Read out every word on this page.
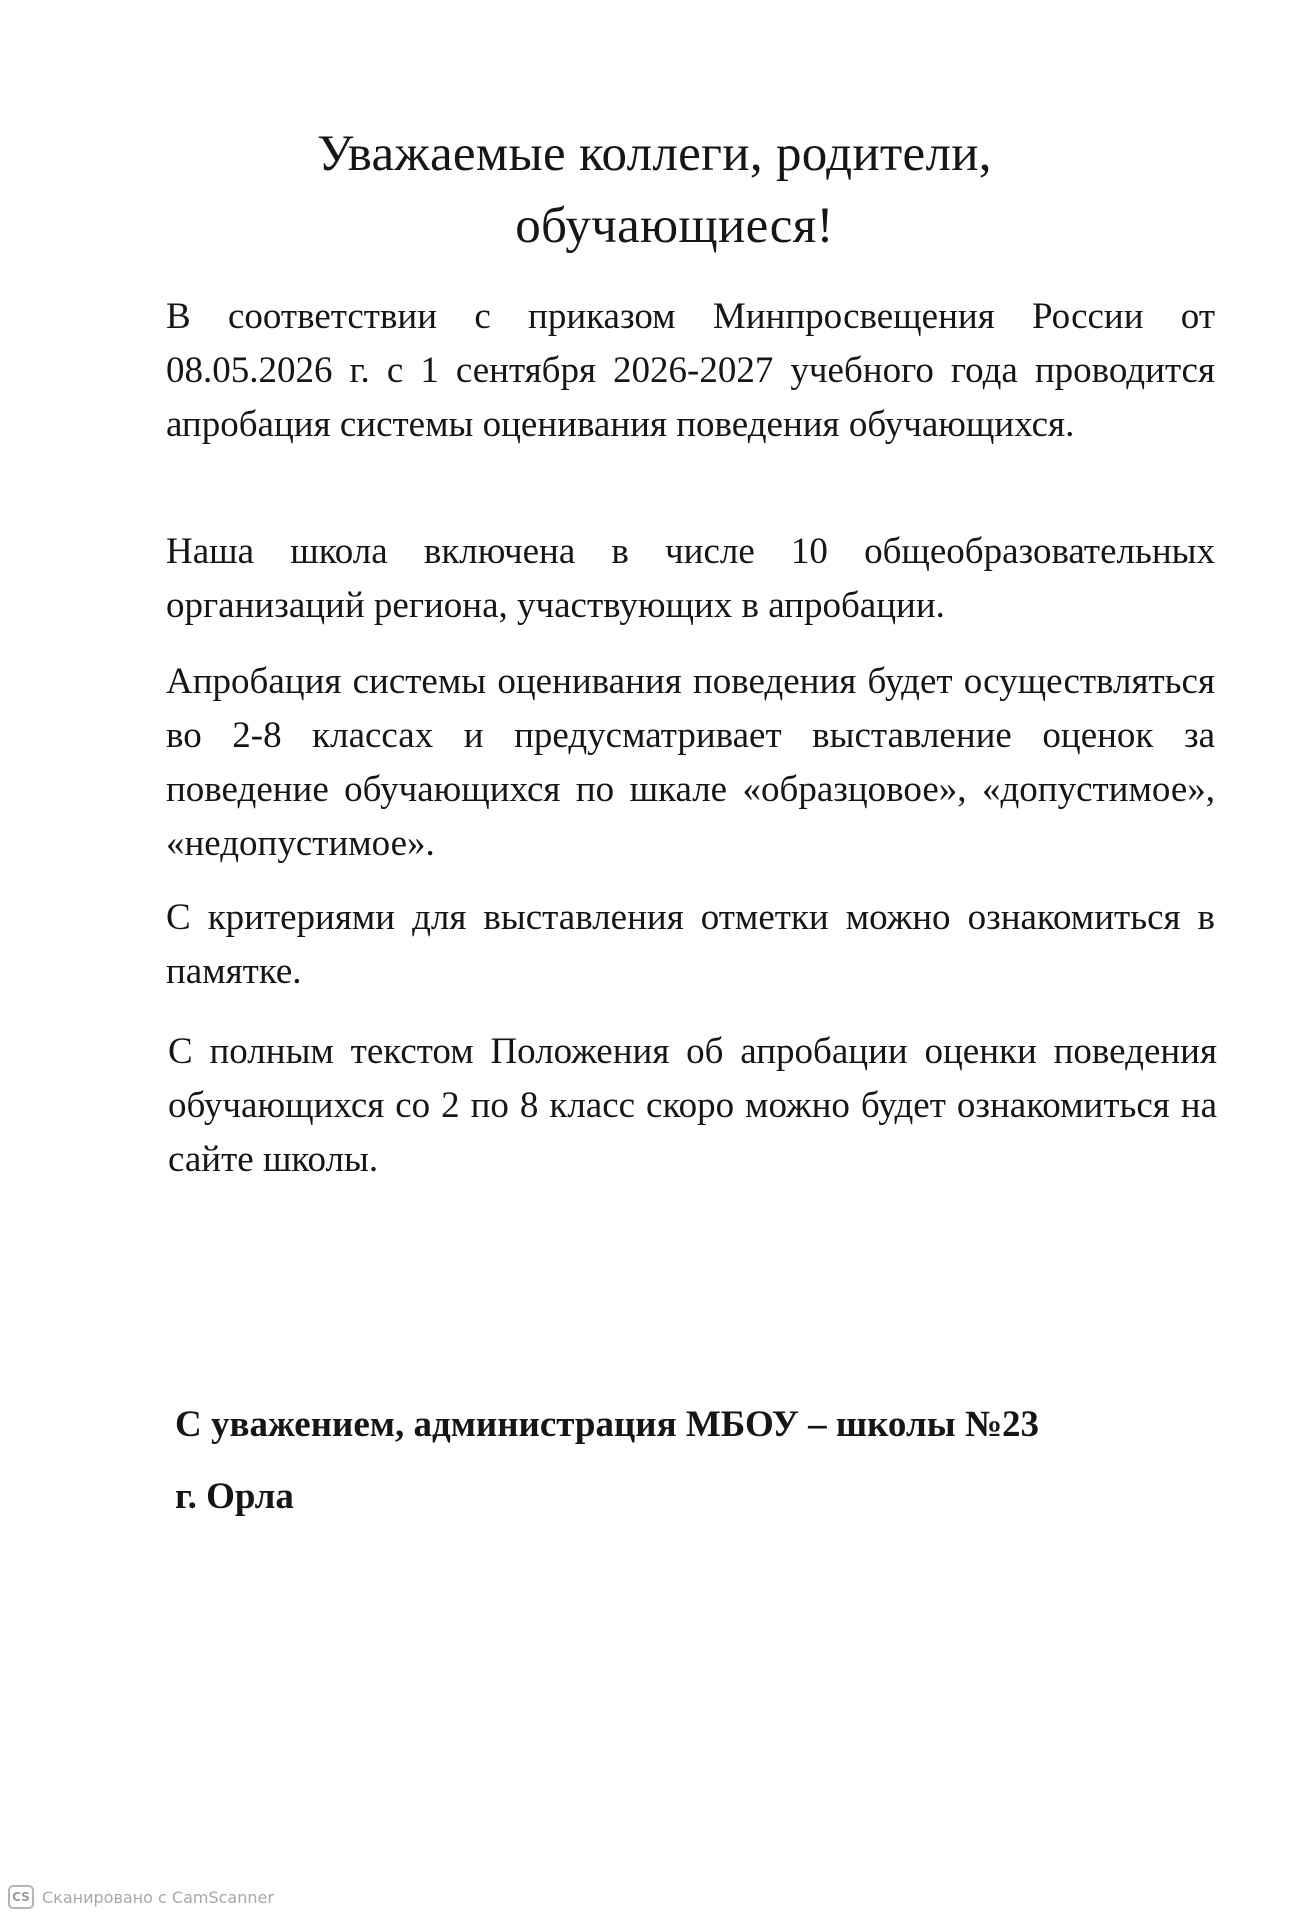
Уважаемые коллеги, родители,
обучающиеся!
В соответствии с приказом Минпросвещения России от 08.05.2026 г. с 1 сентября 2026-2027 учебного года проводится апробация системы оценивания поведения обучающихся.
Наша школа включена в числе 10 общеобразовательных организаций региона, участвующих в апробации.
Апробация системы оценивания поведения будет осуществляться во 2-8 классах и предусматривает выставление оценок за поведение обучающихся по шкале «образцовое», «допустимое», «недопустимое».
С критериями для выставления отметки можно ознакомиться в памятке.
С полным текстом Положения об апробации оценки поведения обучающихся со 2 по 8 класс скоро можно будет ознакомиться на сайте школы.
С уважением, администрация МБОУ – школы №23
г. Орла
CS Сканировано с CamScanner
